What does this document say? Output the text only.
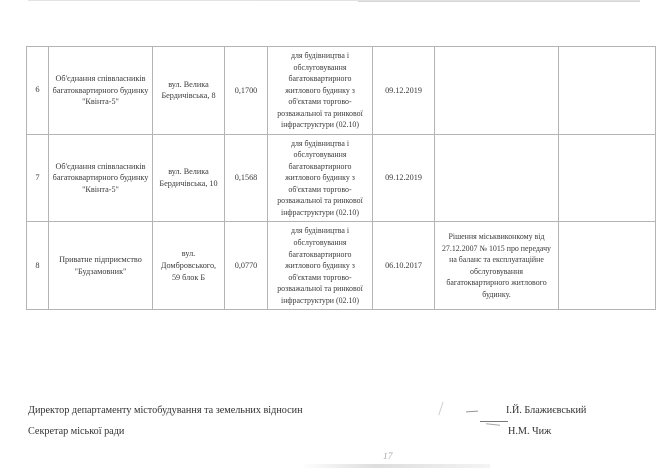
6	Об'єднання співвласників багатоквартирного будинку "Квінта-5"	вул. Велика Бердичівська, 8	0,1700	для будівництва і обслуговування багатоквартирного житлового будинку з об'єктами торгово-розважальної та ринкової інфраструктури (02.10)	09.12.2019		
7	Об'єднання співвласників багатоквартирного будинку "Квінта-5"	вул. Велика Бердичівська, 10	0,1568	для будівництва і обслуговування багатоквартирного житлового будинку з об'єктами торгово-розважальної та ринкової інфраструктури (02.10)	09.12.2019		
8	Приватне підприємство "Будзамовник"	вул. Домбровського, 59 блок Б	0,0770	для будівництва і обслуговування багатоквартирного житлового будинку з об'єктами торгово-розважальної та ринкової інфраструктури (02.10)	06.10.2017	Рішення міськвиконкому від 27.12.2007 № 1015 про передачу на баланс та експлуатаційне обслуговування багатоквартирного житлового будинку.	
Директор департаменту містобудування та земельних відносин	І.Й. Блажиєвський
Секретар міської ради	Н.М. Чиж
17
